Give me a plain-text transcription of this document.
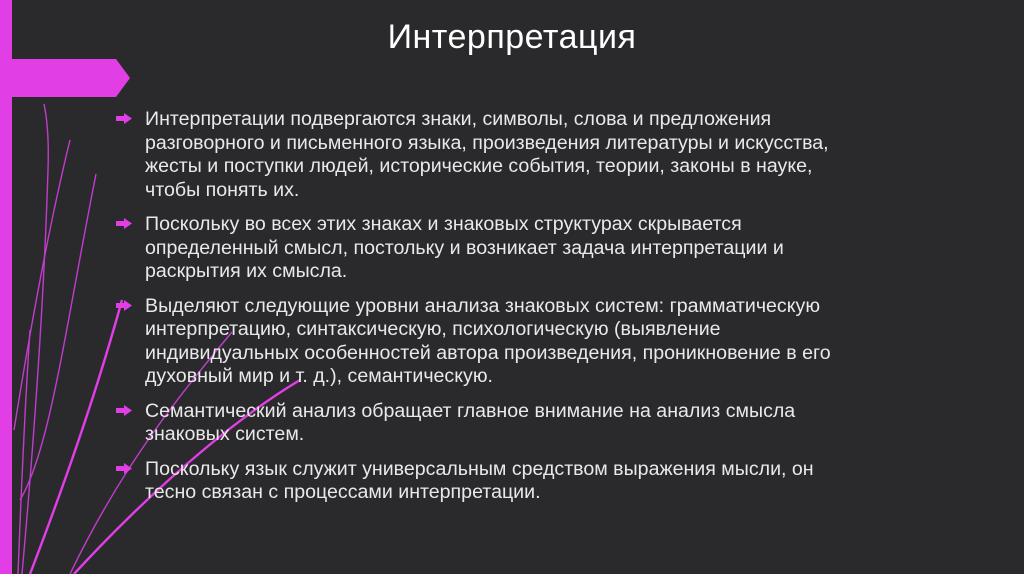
Интерпретация
Интерпретации подвергаются знаки, символы, слова и предложения
разговорного и письменного языка, произведения литературы и искусства,
жесты и поступки людей, исторические события, теории, законы в науке,
чтобы понять их.
Поскольку во всех этих знаках и знаковых структурах скрывается
определенный смысл, постольку и возникает задача интерпретации и
раскрытия их смысла.
Выделяют следующие уровни анализа знаковых систем: грамматическую
интерпретацию, синтаксическую, психологическую (выявление
индивидуальных особенностей автора произведения, проникновение в его
духовный мир и т. д.), семантическую.
Семантический анализ обращает главное внимание на анализ смысла
знаковых систем.
Поскольку язык служит универсальным средством выражения мысли, он
тесно связан с процессами интерпретации.
